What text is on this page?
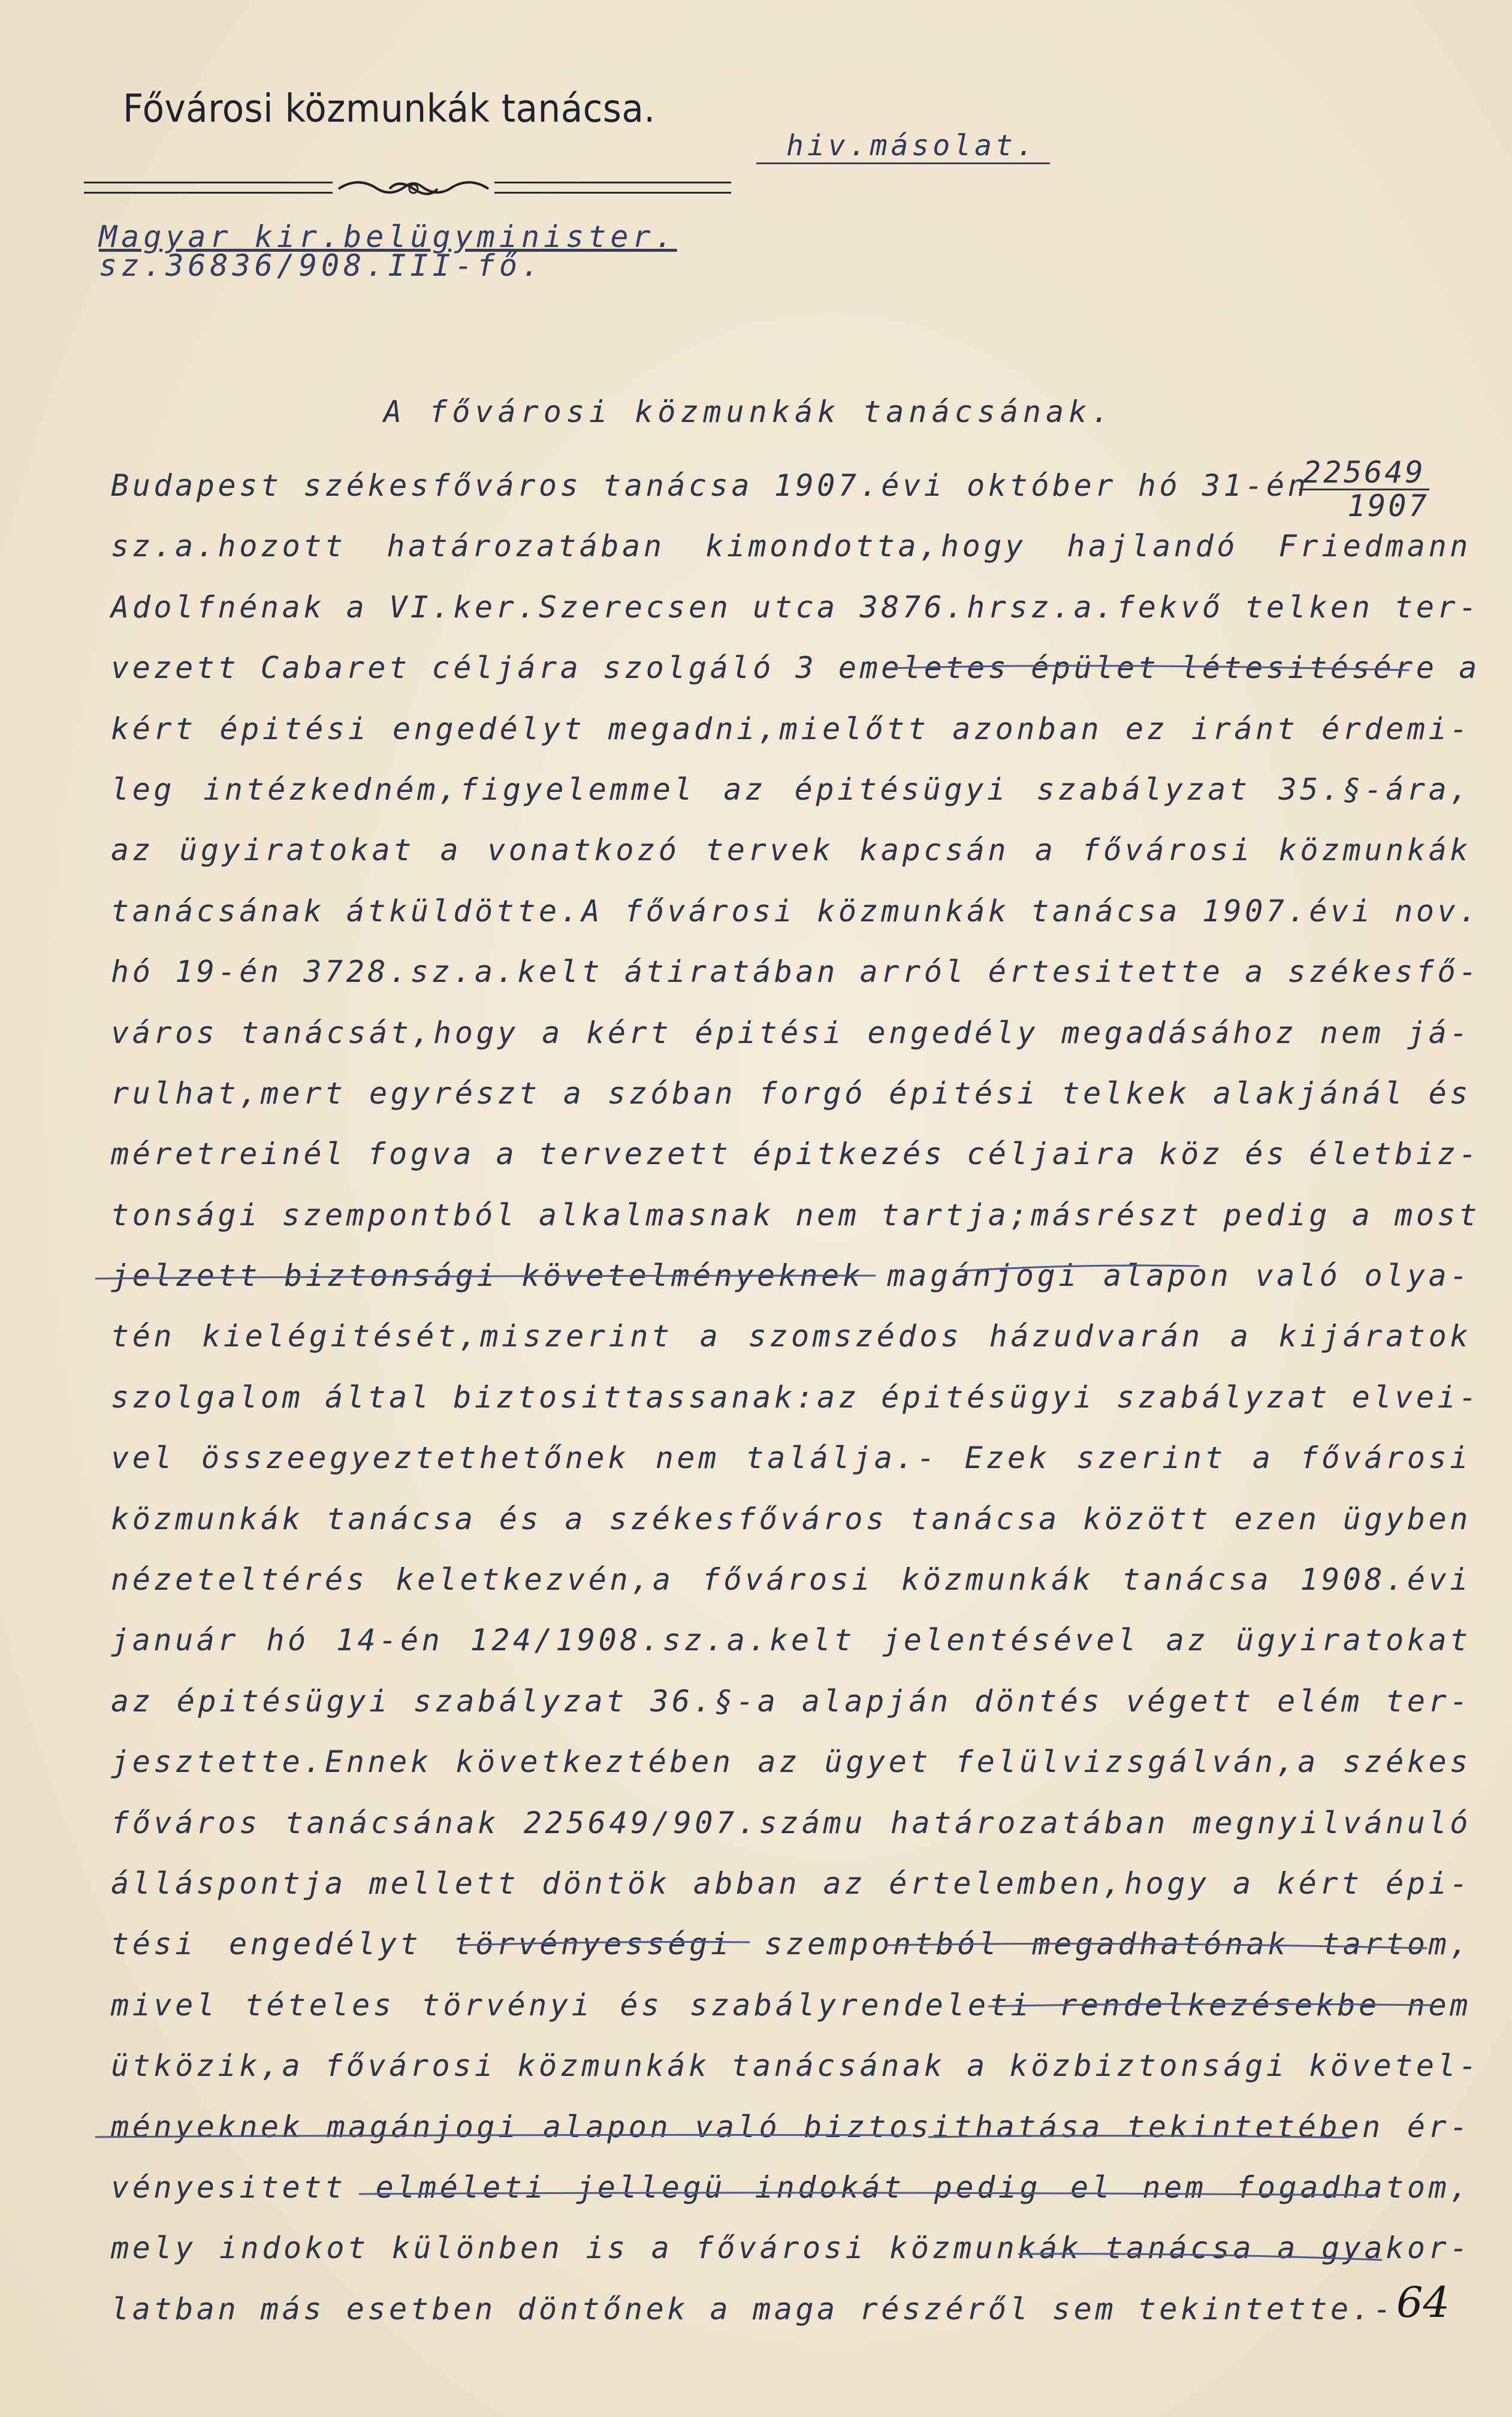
Fővárosi közmunkák tanácsa.
hiv.másolat.
Magyar kir.belügyminister.
sz.36836/908.III-fő.
A fővárosi közmunkák tanácsának.
$\frac{225649}{1907}$
Budapest székesfőváros tanácsa 1907.évi október hó 31-én
sz.a.hozott határozatában kimondotta,hogy hajlandó Friedmann
Adolfnénak a VI.ker.Szerecsen utca 3876.hrsz.a.fekvő telken ter-
vezett Cabaret céljára szolgáló 3 emeletes épület létesitésére a
kért épitési engedélyt megadni,mielőtt azonban ez iránt érdemi-
leg intézkedném,figyelemmel az épitésügyi szabályzat 35.§-ára,
az ügyiratokat a vonatkozó tervek kapcsán a fővárosi közmunkák
tanácsának átküldötte.A fővárosi közmunkák tanácsa 1907.évi nov.
hó 19-én 3728.sz.a.kelt átiratában arról értesitette a székesfő-
város tanácsát,hogy a kért épitési engedély megadásához nem já-
rulhat,mert egyrészt a szóban forgó épitési telkek alakjánál és
méretreinél fogva a tervezett épitkezés céljaira köz és életbiz-
tonsági szempontból alkalmasnak nem tartja;másrészt pedig a most
jelzett biztonsági követelményeknek magánjogi alapon való olya-
tén kielégitését,miszerint a szomszédos házudvarán a kijáratok
szolgalom által biztosittassanak:az épitésügyi szabályzat elvei-
vel összeegyeztethetőnek nem találja.- Ezek szerint a fővárosi
közmunkák tanácsa és a székesfőváros tanácsa között ezen ügyben
nézeteltérés keletkezvén,a fővárosi közmunkák tanácsa 1908.évi
január hó 14-én 124/1908.sz.a.kelt jelentésével az ügyiratokat
az épitésügyi szabályzat 36.§-a alapján döntés végett elém ter-
jesztette.Ennek következtében az ügyet felülvizsgálván,a székes
főváros tanácsának 225649/907.számu határozatában megnyilvánuló
álláspontja mellett döntök abban az értelemben,hogy a kért épi-
tési engedélyt törvényességi szempontból megadhatónak tartom,
mivel tételes törvényi és szabályrendeleti rendelkezésekbe nem
ütközik,a fővárosi közmunkák tanácsának a közbiztonsági követel-
ményeknek magánjogi alapon való biztosithatása tekintetében ér-
vényesitett elméleti jellegü indokát pedig el nem fogadhatom,
mely indokot különben is a fővárosi közmunkák tanácsa a gyakor-
latban más esetben döntőnek a maga részéről sem tekintette.- 64
